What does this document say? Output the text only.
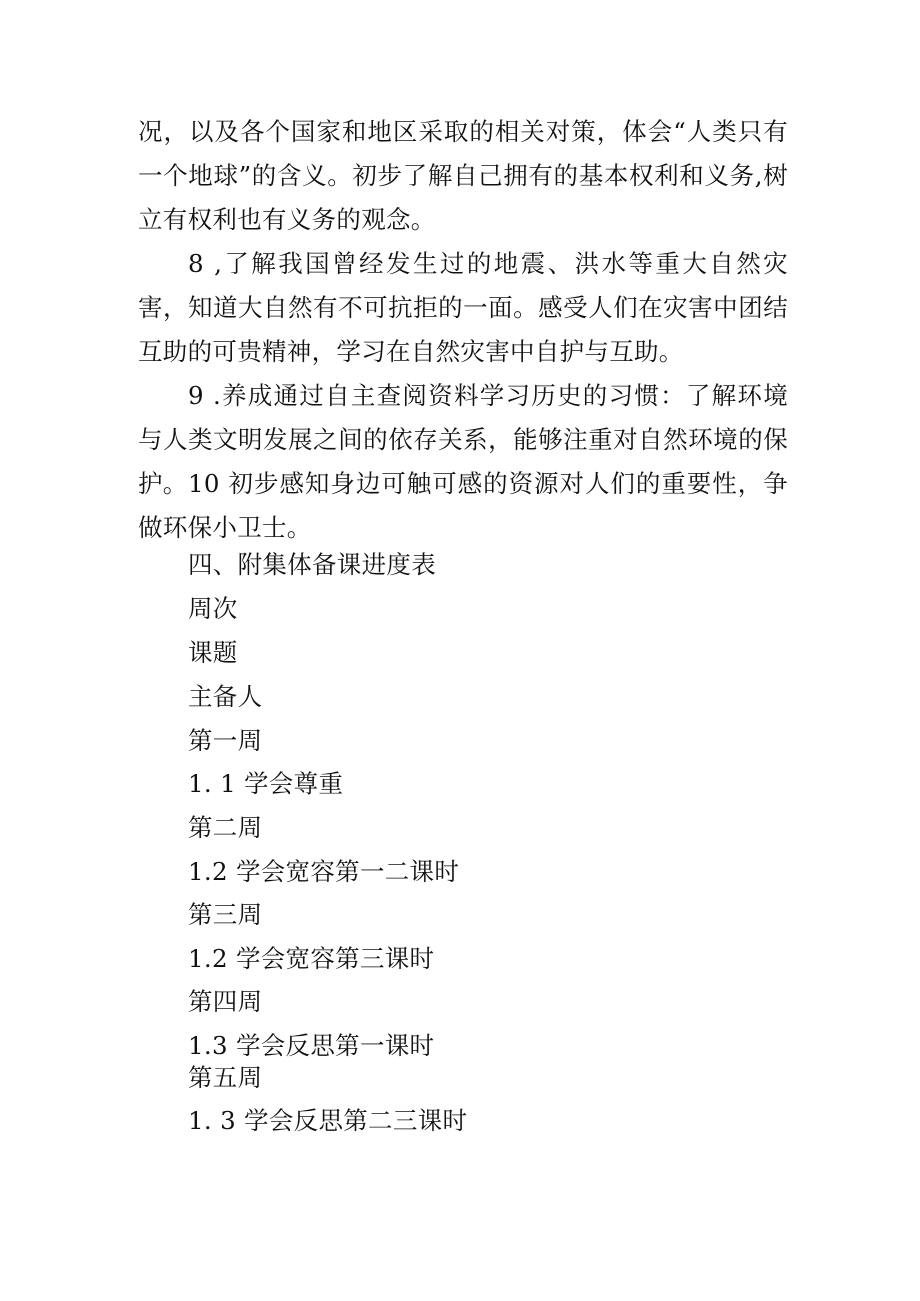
况，以及各个国家和地区采取的相关对策，体会“人类只有一个地球”的含义。初步了解自己拥有的基本权利和义务,树立有权利也有义务的观念。

8 ,了解我国曾经发生过的地震、洪水等重大自然灾害，知道大自然有不可抗拒的一面。感受人们在灾害中团结互助的可贵精神，学习在自然灾害中自护与互助。

9 .养成通过自主查阅资料学习历史的习惯：了解环境与人类文明发展之间的依存关系，能够注重对自然环境的保护。 10 初步感知身边可触可感的资源对人们的重要性，争做环保小卫士。

四、附集体备课进度表

周次

课题

主备人

第一周

1. 1 学会尊重

第二周

1.2 学会宽容第一二课时

第三周

1.2 学会宽容第三课时

第四周

1.3 学会反思第一课时

第五周

1. 3 学会反思第二三课时
